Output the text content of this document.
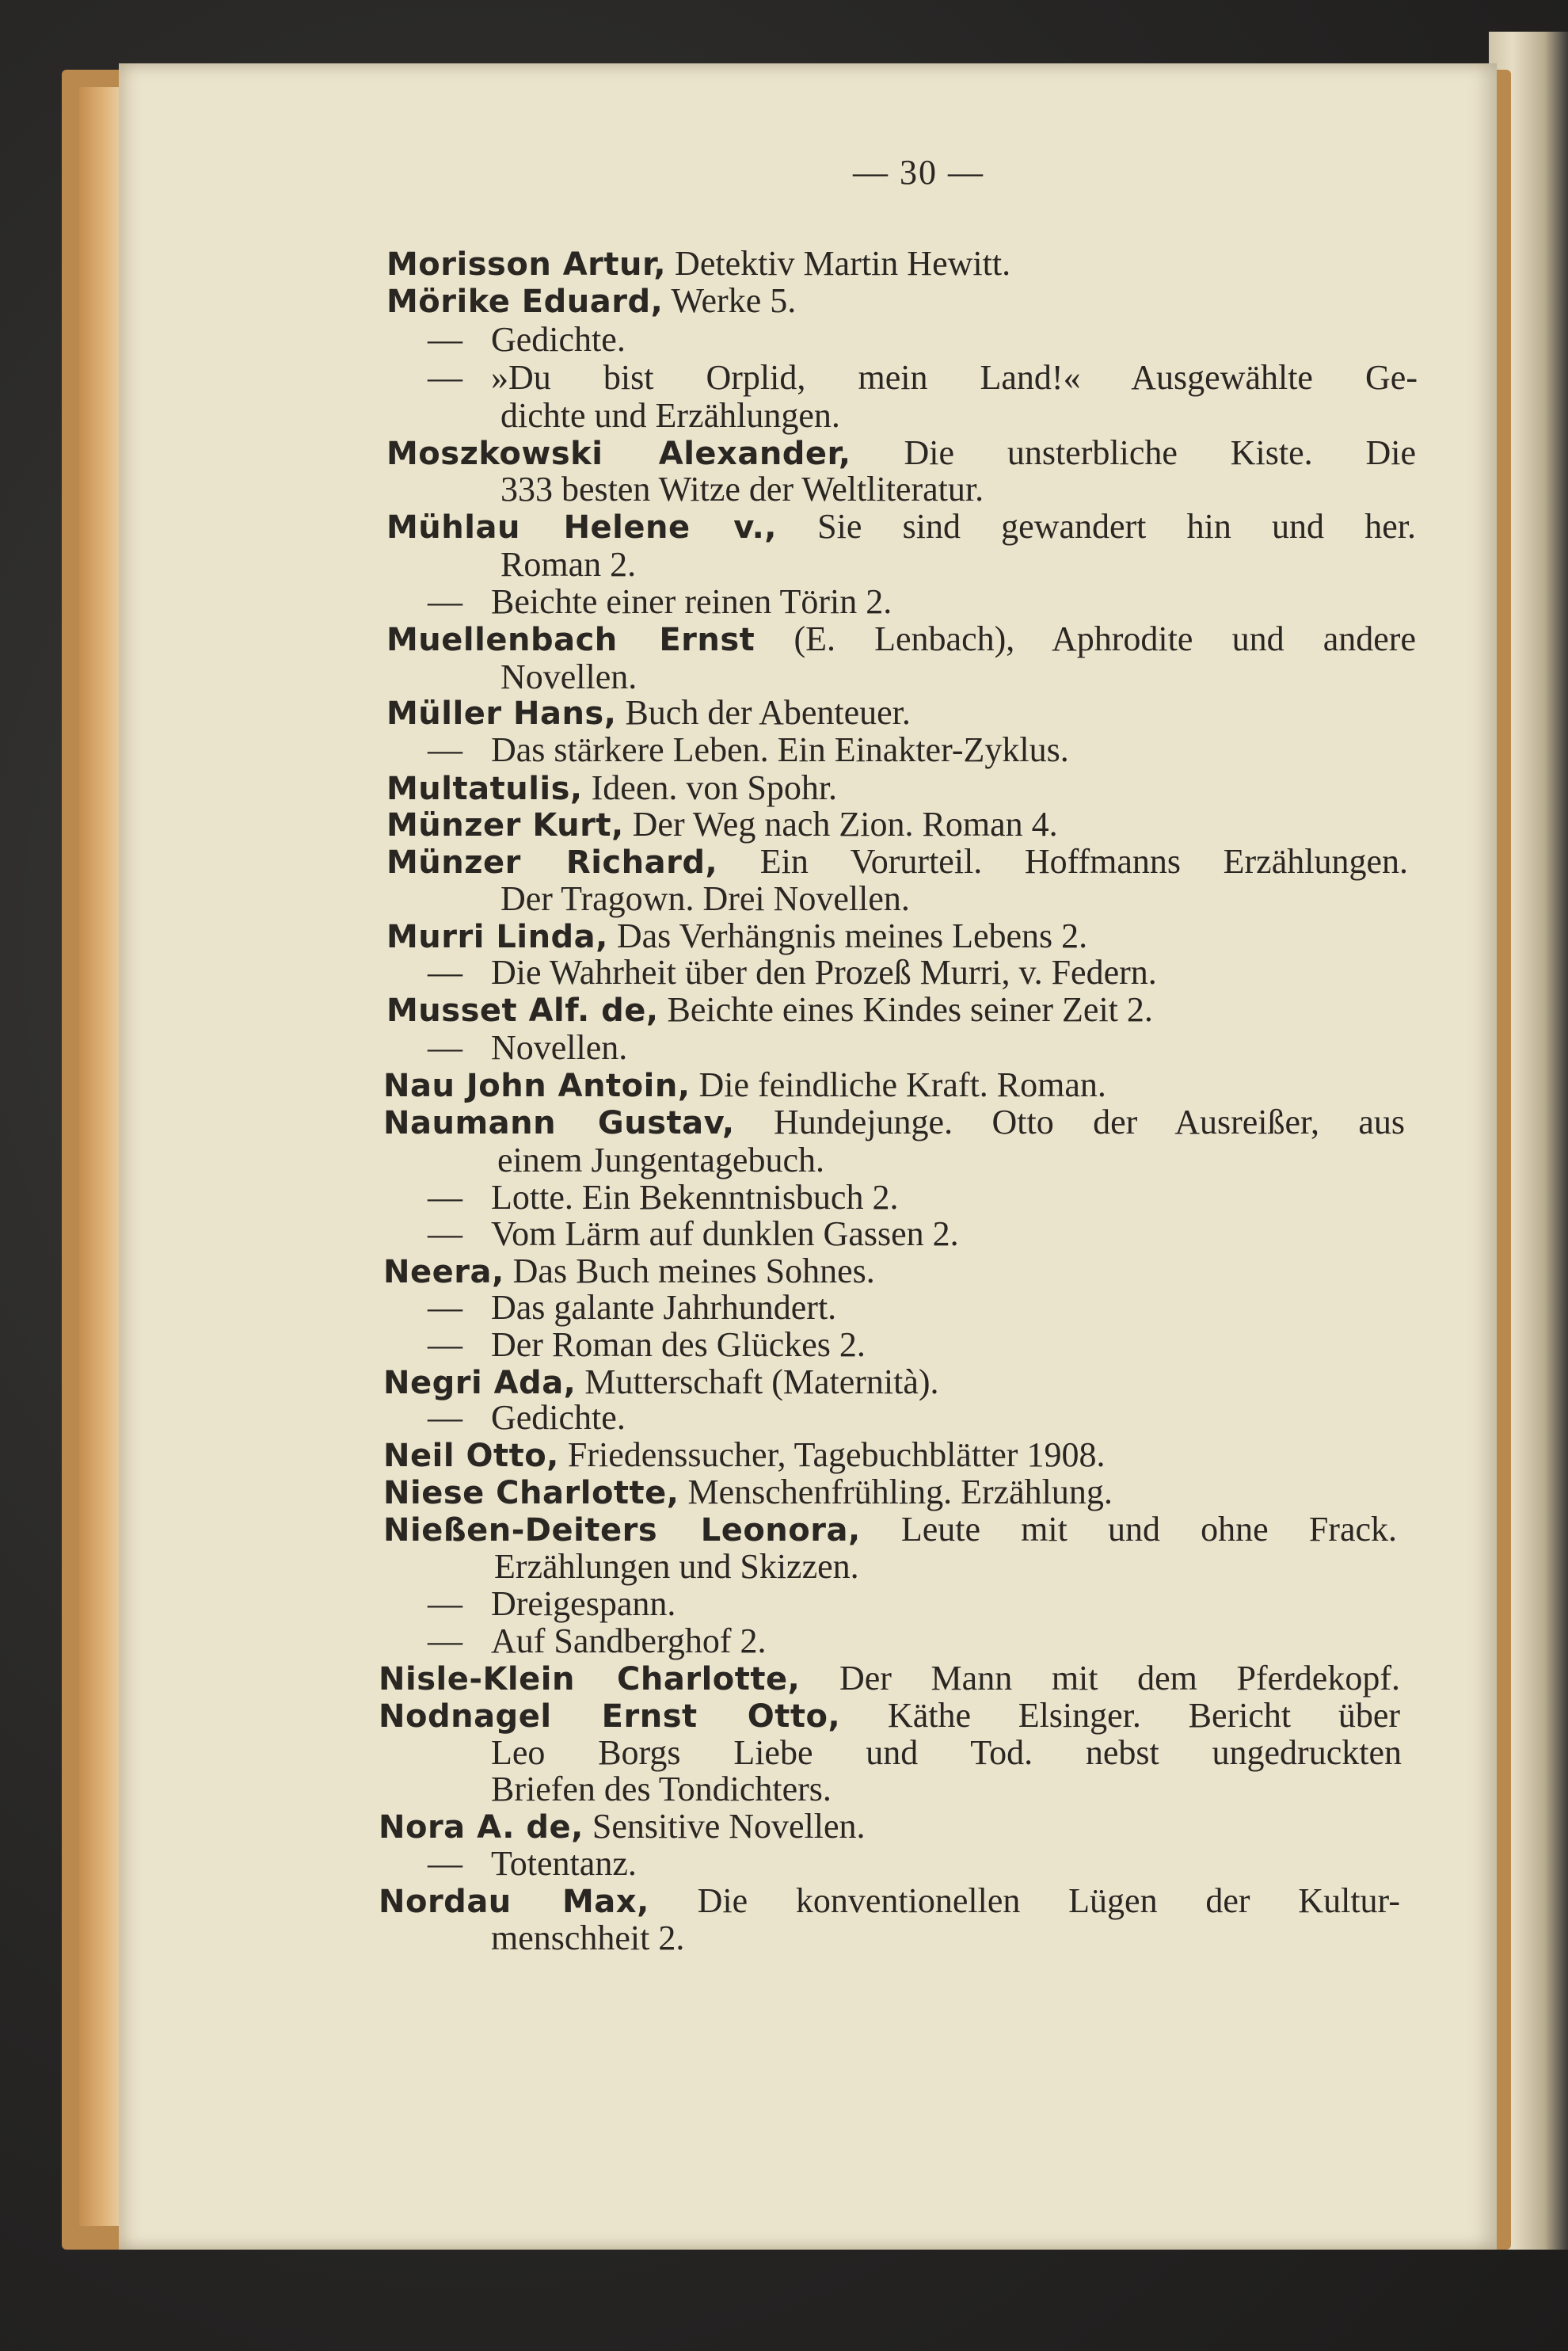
— 30 —
Morisson Artur, Detektiv Martin Hewitt.
Mörike Eduard, Werke 5.
— Gedichte.
— »Du bist Orplid, mein Land!« Ausgewählte Ge-
dichte und Erzählungen.
Moszkowski Alexander, Die unsterbliche Kiste. Die
333 besten Witze der Weltliteratur.
Mühlau Helene v., Sie sind gewandert hin und her.
Roman 2.
— Beichte einer reinen Törin 2.
Muellenbach Ernst (E. Lenbach), Aphrodite und andere
Novellen.
Müller Hans, Buch der Abenteuer.
— Das stärkere Leben. Ein Einakter-Zyklus.
Multatulis, Ideen. von Spohr.
Münzer Kurt, Der Weg nach Zion. Roman 4.
Münzer Richard, Ein Vorurteil. Hoffmanns Erzählungen.
Der Tragown. Drei Novellen.
Murri Linda, Das Verhängnis meines Lebens 2.
— Die Wahrheit über den Prozeß Murri, v. Federn.
Musset Alf. de, Beichte eines Kindes seiner Zeit 2.
— Novellen.
Nau John Antoin, Die feindliche Kraft. Roman.
Naumann Gustav, Hundejunge. Otto der Ausreißer, aus
einem Jungentagebuch.
— Lotte. Ein Bekenntnisbuch 2.
— Vom Lärm auf dunklen Gassen 2.
Neera, Das Buch meines Sohnes.
— Das galante Jahrhundert.
— Der Roman des Glückes 2.
Negri Ada, Mutterschaft (Maternità).
— Gedichte.
Neil Otto, Friedenssucher, Tagebuchblätter 1908.
Niese Charlotte, Menschenfrühling. Erzählung.
Nießen-Deiters Leonora, Leute mit und ohne Frack.
Erzählungen und Skizzen.
— Dreigespann.
— Auf Sandberghof 2.
Nisle-Klein Charlotte, Der Mann mit dem Pferdekopf.
Nodnagel Ernst Otto, Käthe Elsinger. Bericht über
Leo Borgs Liebe und Tod. nebst ungedruckten
Briefen des Tondichters.
Nora A. de, Sensitive Novellen.
— Totentanz.
Nordau Max, Die konventionellen Lügen der Kultur-
menschheit 2.
